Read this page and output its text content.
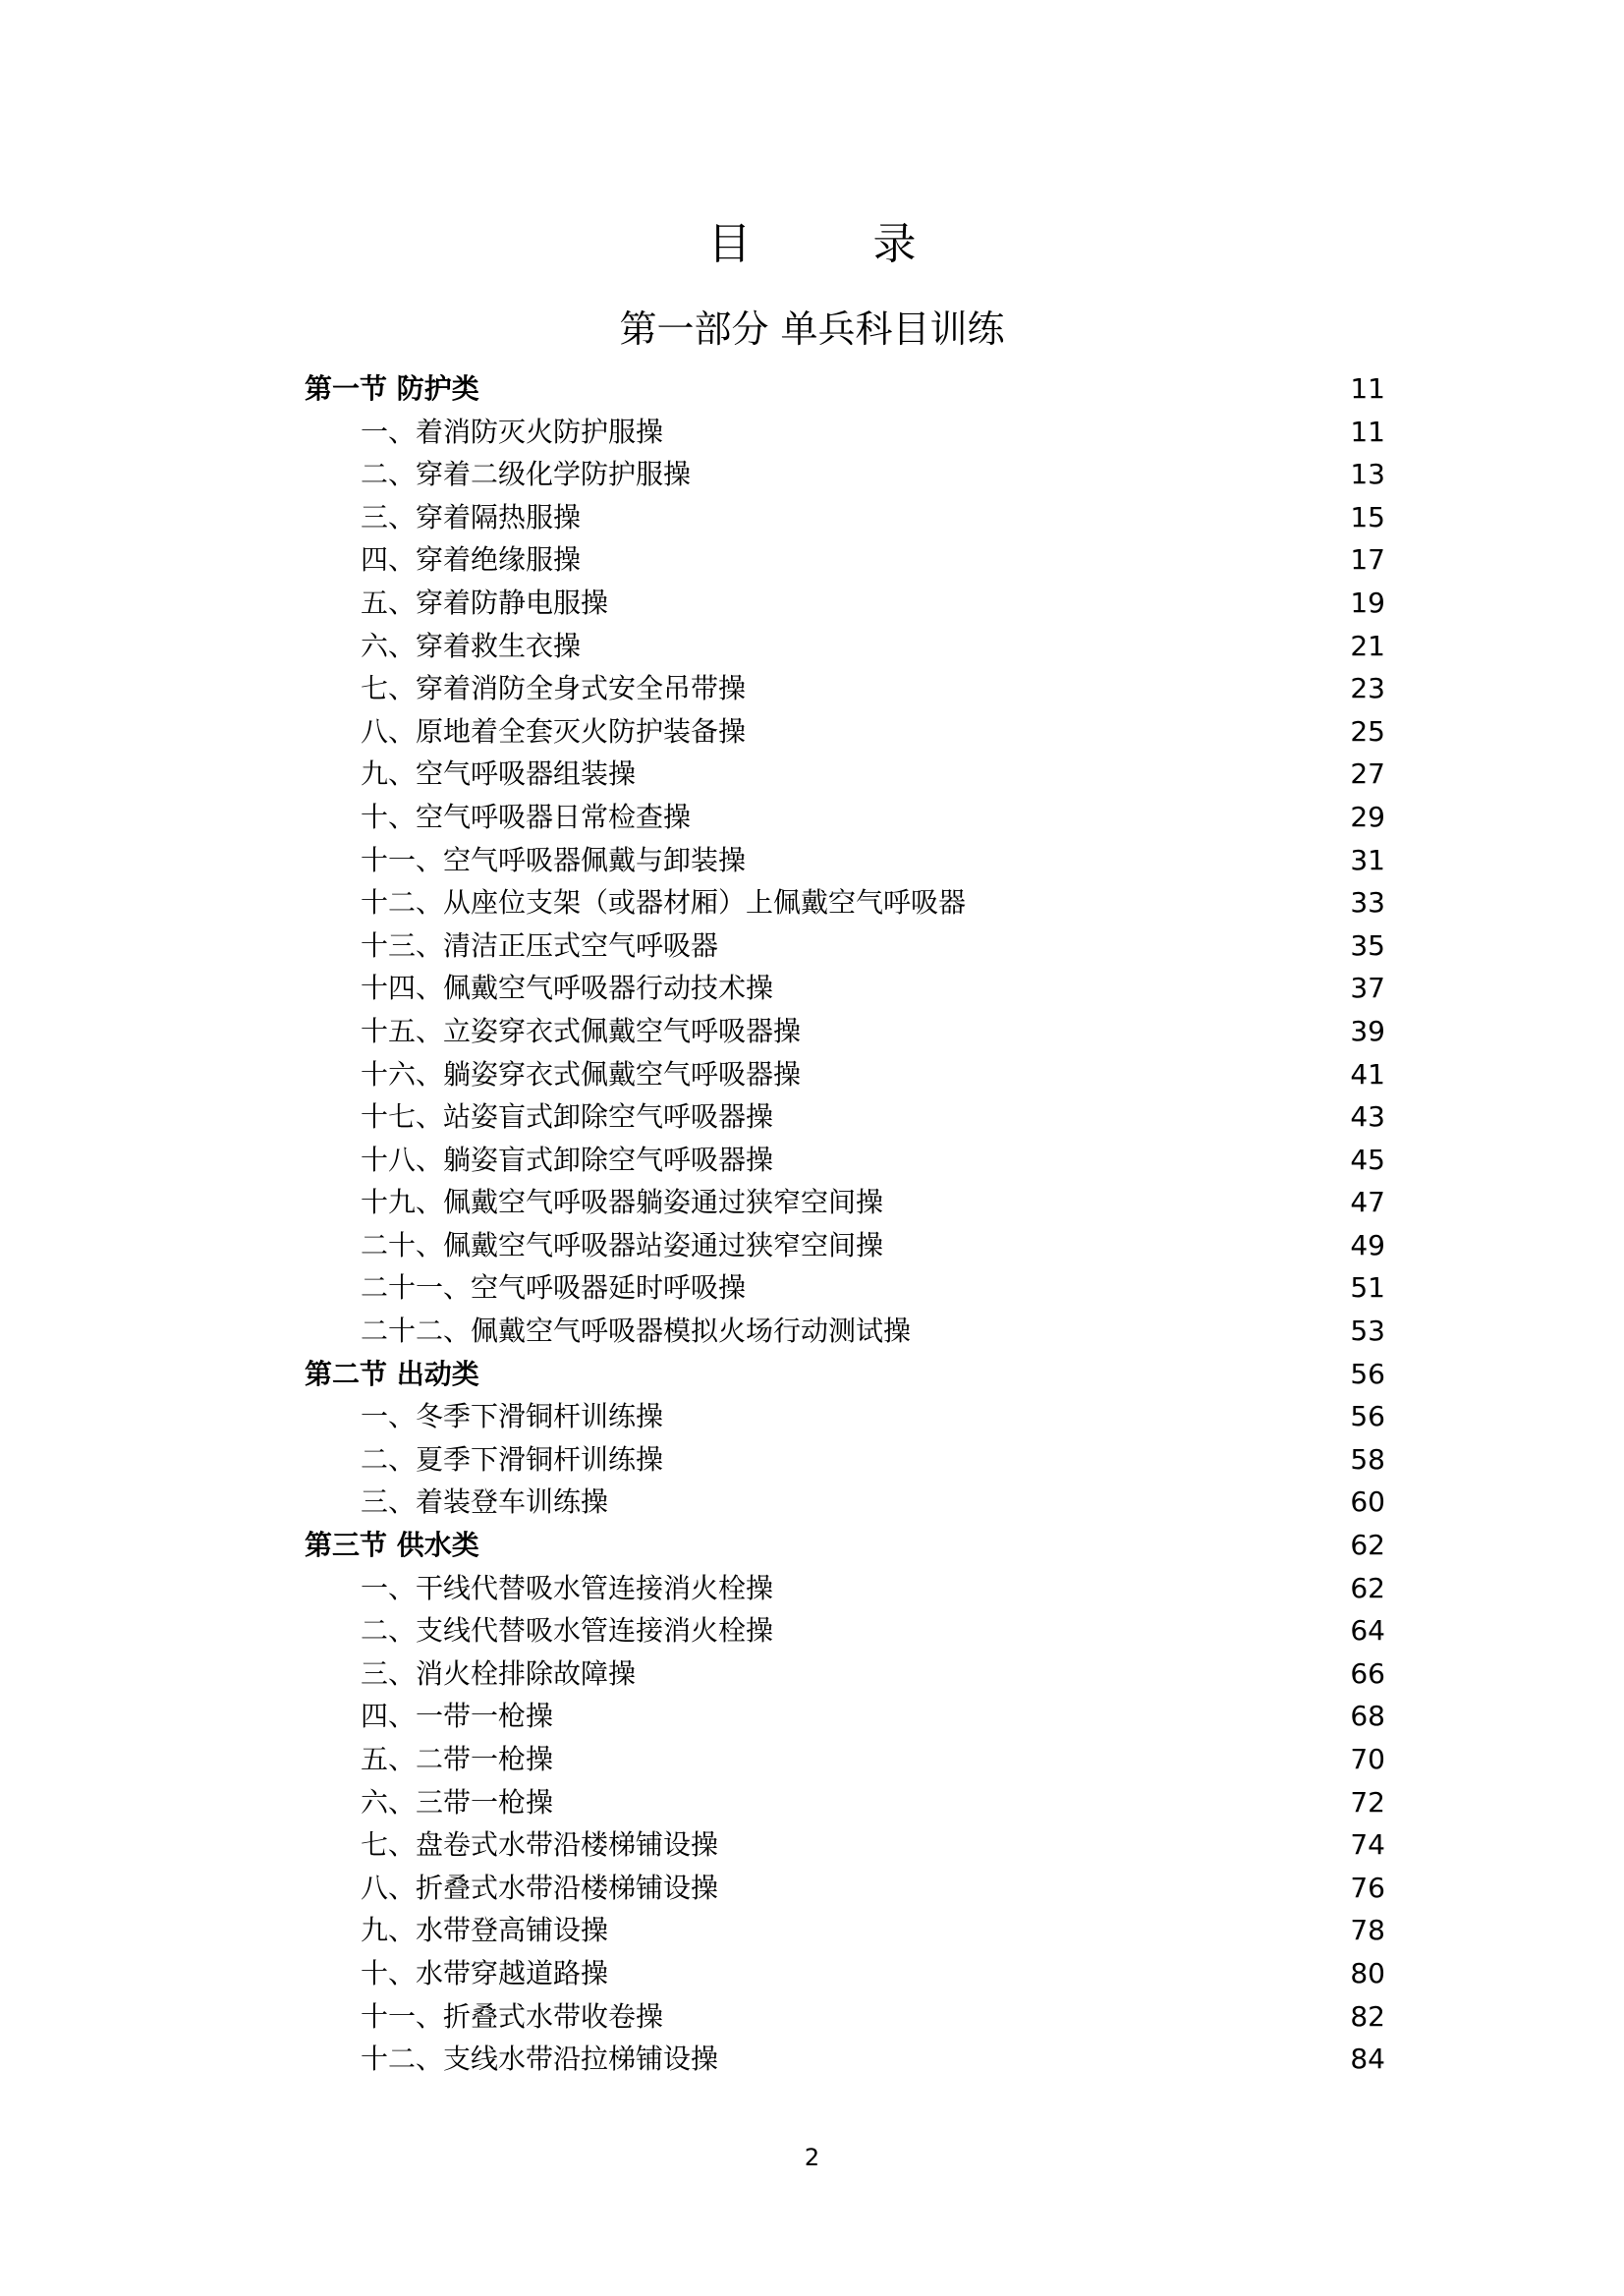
目　录
第一部分 单兵科目训练
第一节 防护类	11
一、着消防灭火防护服操	11
二、穿着二级化学防护服操	13
三、穿着隔热服操	15
四、穿着绝缘服操	17
五、穿着防静电服操	19
六、穿着救生衣操	21
七、穿着消防全身式安全吊带操	23
八、原地着全套灭火防护装备操	25
九、空气呼吸器组装操	27
十、空气呼吸器日常检查操	29
十一、空气呼吸器佩戴与卸装操	31
十二、从座位支架（或器材厢）上佩戴空气呼吸器	33
十三、清洁正压式空气呼吸器	35
十四、佩戴空气呼吸器行动技术操	37
十五、立姿穿衣式佩戴空气呼吸器操	39
十六、躺姿穿衣式佩戴空气呼吸器操	41
十七、站姿盲式卸除空气呼吸器操	43
十八、躺姿盲式卸除空气呼吸器操	45
十九、佩戴空气呼吸器躺姿通过狭窄空间操	47
二十、佩戴空气呼吸器站姿通过狭窄空间操	49
二十一、空气呼吸器延时呼吸操	51
二十二、佩戴空气呼吸器模拟火场行动测试操	53
第二节 出动类	56
一、冬季下滑铜杆训练操	56
二、夏季下滑铜杆训练操	58
三、着装登车训练操	60
第三节 供水类	62
一、干线代替吸水管连接消火栓操	62
二、支线代替吸水管连接消火栓操	64
三、消火栓排除故障操	66
四、一带一枪操	68
五、二带一枪操	70
六、三带一枪操	72
七、盘卷式水带沿楼梯铺设操	74
八、折叠式水带沿楼梯铺设操	76
九、水带登高铺设操	78
十、水带穿越道路操	80
十一、折叠式水带收卷操	82
十二、支线水带沿拉梯铺设操	84
2
